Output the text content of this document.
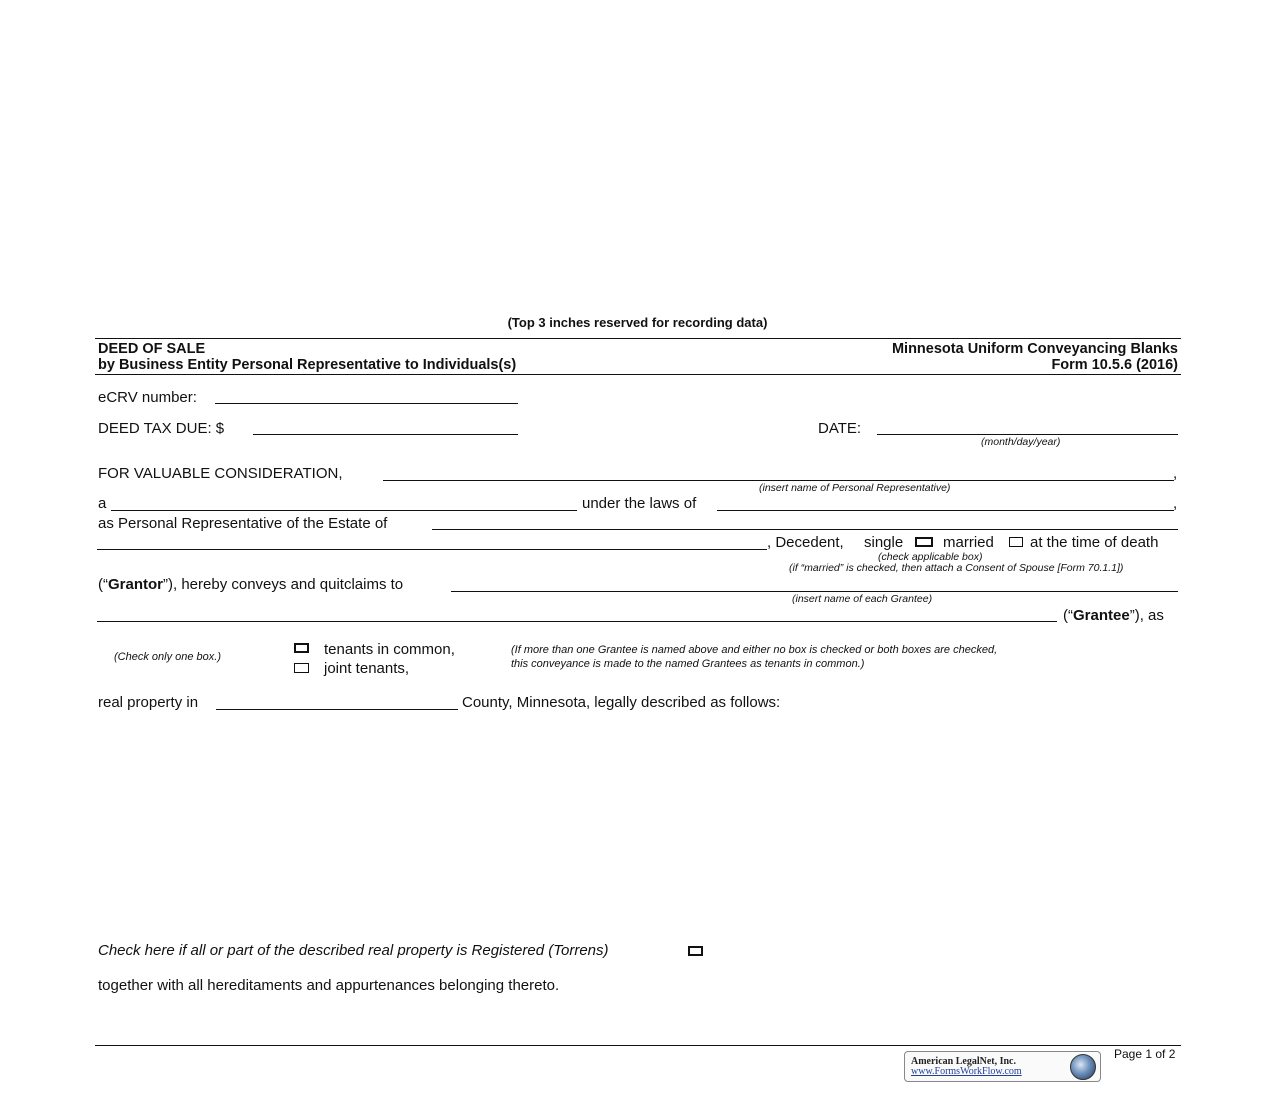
(Top 3 inches reserved for recording data)
DEED OF SALE
by Business Entity Personal Representative to Individuals(s)
Minnesota Uniform Conveyancing Blanks
Form 10.5.6 (2016)
eCRV number:
DEED TAX DUE: $	DATE:
(month/day/year)
FOR VALUABLE CONSIDERATION,	,
(insert name of Personal Representative)
a	under the laws of	,
as Personal Representative of the Estate of
, Decedent, single	married at the time of death
(check applicable box)
(if “married” is checked, then attach a Consent of Spouse [Form 70.1.1])
(“Grantor”), hereby conveys and quitclaims to
(insert name of each Grantee)
(“Grantee”), as
(Check only one box.)	tenants in common,
joint tenants,
(If more than one Grantee is named above and either no box is checked or both boxes are checked,
this conveyance is made to the named Grantees as tenants in common.)
real property in	County, Minnesota, legally described as follows:
Check here if all or part of the described real property is Registered (Torrens)
together with all hereditaments and appurtenances belonging thereto.
American LegalNet, Inc.
www.FormsWorkFlow.com
Page 1 of 2
